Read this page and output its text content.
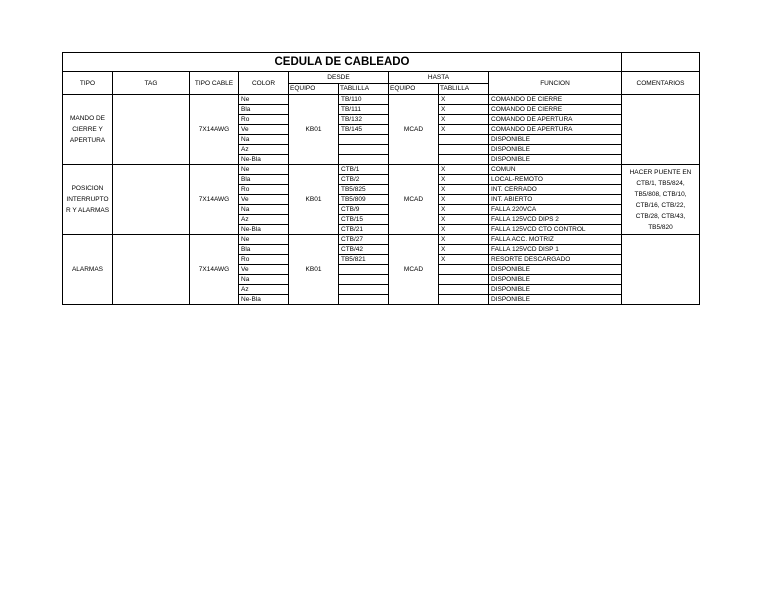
CEDULA DE CABLEADO									
TIPO	TAG	TIPO CABLE	COLOR	DESDE		HASTA		FUNCION	COMENTARIOS
				EQUIPO	TABLILLA	EQUIPO	TABLILLA		
MANDO DE CIERRE Y APERTURA		7X14AWG	Ne	KB01	TB/110	MCAD	X	COMANDO DE CIERRE	
			Bla		TB/111		X	COMANDO DE CIERRE	
			Ro		TB/132		X	COMANDO DE APERTURA	
			Ve		TB/145		X	COMANDO DE APERTURA	
			Na					DISPONIBLE	
			Az					DISPONIBLE	
			Ne-Bla					DISPONIBLE	
POSICION INTERRUPTO R Y ALARMAS		7X14AWG	Ne	KB01	CTB/1	MCAD	X	COMUN	HACER PUENTE EN CTB/1, TB5/824, TB5/808, CTB/10, CTB/16, CTB/22, CTB/28, CTB/43, TB5/820
			Bla		CTB/2		X	LOCAL-REMOTO	
			Ro		TB5/825		X	INT. CERRADO	
			Ve		TB5/809		X	INT. ABIERTO	
			Na		CTB/9		X	FALLA 220VCA	
			Az		CTB/15		X	FALLA 125VCD DIPS 2	
			Ne-Bla		CTB/21		X	FALLA 125VCD CTO CONTROL	
ALARMAS		7X14AWG	Ne	KB01	CTB/27	MCAD	X	FALLA ACC. MOTRIZ	
			Bla		CTB/42		X	FALLA 125VCD DISP 1	
			Ro		TB5/821		X	RESORTE DESCARGADO	
			Ve					DISPONIBLE	
			Na					DISPONIBLE	
			Az					DISPONIBLE	
			Ne-Bla					DISPONIBLE	
